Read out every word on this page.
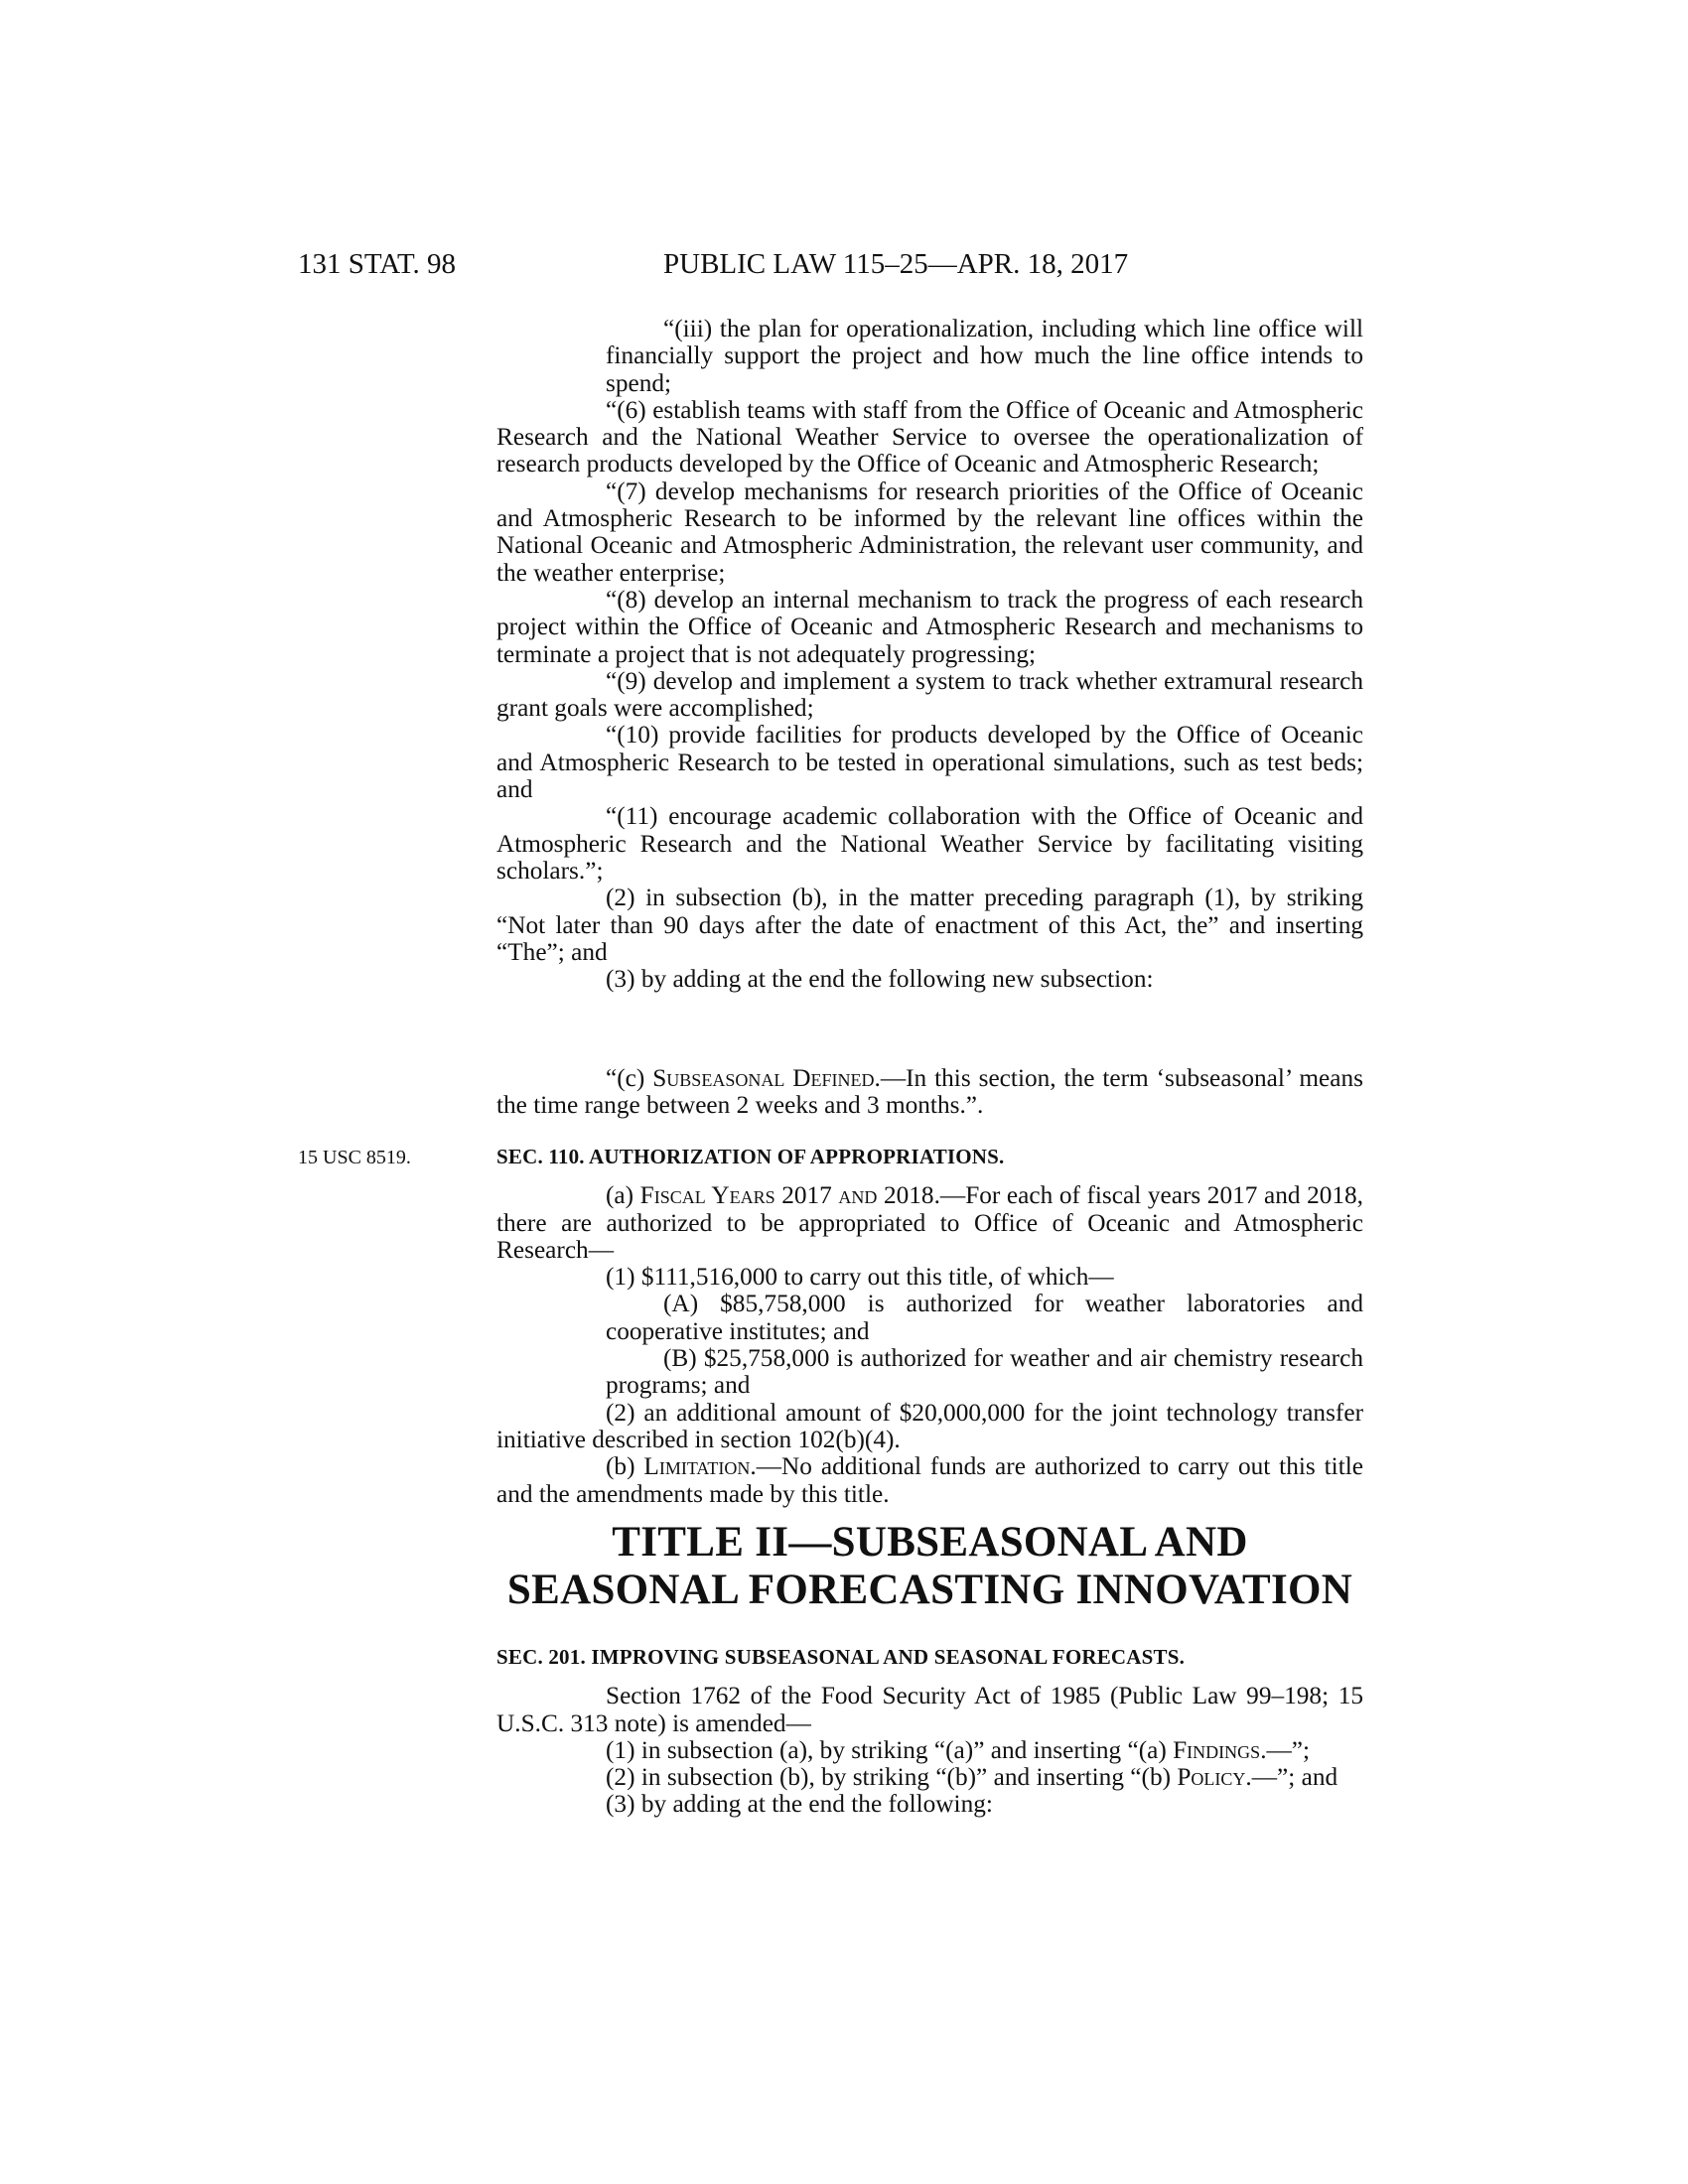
131 STAT. 98	PUBLIC LAW 115–25—APR. 18, 2017

“(iii) the plan for operationalization, including which line office will financially support the project and how much the line office intends to spend;

“(6) establish teams with staff from the Office of Oceanic and Atmospheric Research and the National Weather Service to oversee the operationalization of research products developed by the Office of Oceanic and Atmospheric Research;

“(7) develop mechanisms for research priorities of the Office of Oceanic and Atmospheric Research to be informed by the relevant line offices within the National Oceanic and Atmospheric Administration, the relevant user community, and the weather enterprise;

“(8) develop an internal mechanism to track the progress of each research project within the Office of Oceanic and Atmospheric Research and mechanisms to terminate a project that is not adequately progressing;

“(9) develop and implement a system to track whether extramural research grant goals were accomplished;

“(10) provide facilities for products developed by the Office of Oceanic and Atmospheric Research to be tested in operational simulations, such as test beds; and

“(11) encourage academic collaboration with the Office of Oceanic and Atmospheric Research and the National Weather Service by facilitating visiting scholars.”;

(2) in subsection (b), in the matter preceding paragraph (1), by striking “Not later than 90 days after the date of enactment of this Act, the” and inserting “The”; and

(3) by adding at the end the following new subsection:

“(c) Subseasonal Defined.—In this section, the term ‘subseasonal’ means the time range between 2 weeks and 3 months.”.

15 USC 8519.	SEC. 110. AUTHORIZATION OF APPROPRIATIONS.

(a) Fiscal Years 2017 and 2018.—For each of fiscal years 2017 and 2018, there are authorized to be appropriated to Office of Oceanic and Atmospheric Research—

(1) $111,516,000 to carry out this title, of which—

(A) $85,758,000 is authorized for weather laboratories and cooperative institutes; and

(B) $25,758,000 is authorized for weather and air chemistry research programs; and

(2) an additional amount of $20,000,000 for the joint technology transfer initiative described in section 102(b)(4).

(b) Limitation.—No additional funds are authorized to carry out this title and the amendments made by this title.

TITLE II—SUBSEASONAL AND
SEASONAL FORECASTING INNOVATION

SEC. 201. IMPROVING SUBSEASONAL AND SEASONAL FORECASTS.

Section 1762 of the Food Security Act of 1985 (Public Law 99–198; 15 U.S.C. 313 note) is amended—

(1) in subsection (a), by striking “(a)” and inserting “(a) Findings.—”;

(2) in subsection (b), by striking “(b)” and inserting “(b) Policy.—”; and

(3) by adding at the end the following:
